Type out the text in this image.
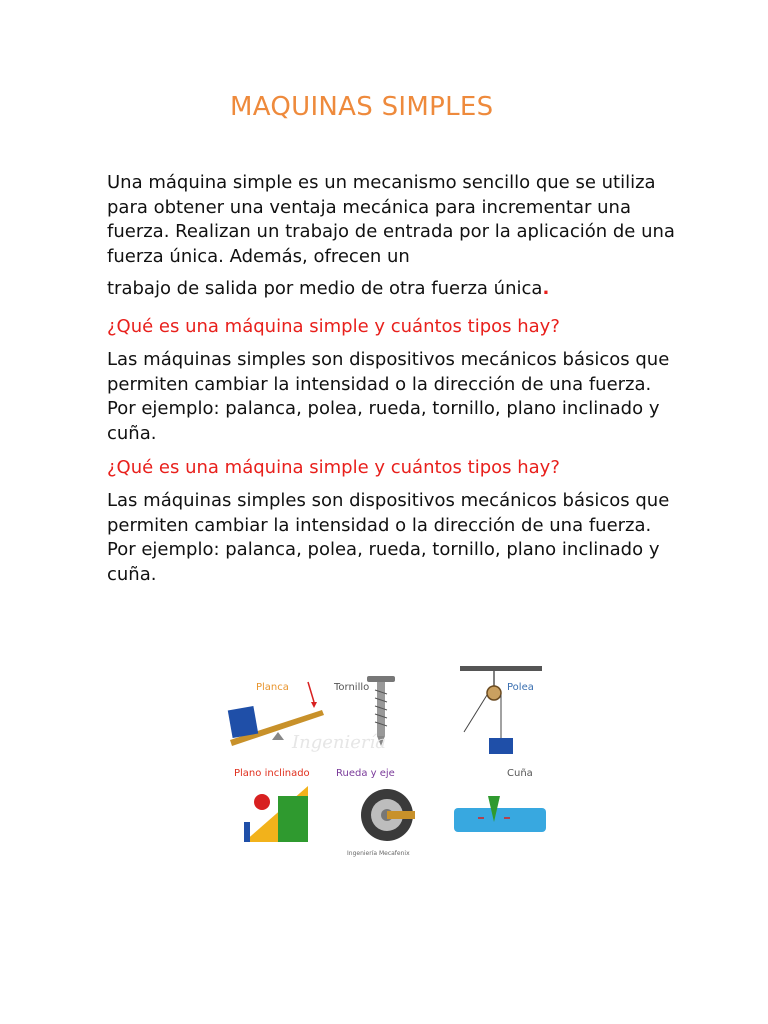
MAQUINAS SIMPLES

Una máquina simple es un mecanismo sencillo que se utiliza para obtener una ventaja mecánica para incrementar una fuerza. Realizan un trabajo de entrada por la aplicación de una fuerza única. Además, ofrecen un

trabajo de salida por medio de otra fuerza única.

¿Qué es una máquina simple y cuántos tipos hay?

Las máquinas simples son dispositivos mecánicos básicos que permiten cambiar la intensidad o la dirección de una fuerza. Por ejemplo: palanca, polea, rueda, tornillo, plano inclinado y cuña.

¿Qué es una máquina simple y cuántos tipos hay?

Las máquinas simples son dispositivos mecánicos básicos que permiten cambiar la intensidad o la dirección de una fuerza. Por ejemplo: palanca, polea, rueda, tornillo, plano inclinado y cuña.

Planca	Tornillo	Polea
Ingeniería
Plano inclinado	Rueda y eje
Ingeniería Mecafenix
Cuña
